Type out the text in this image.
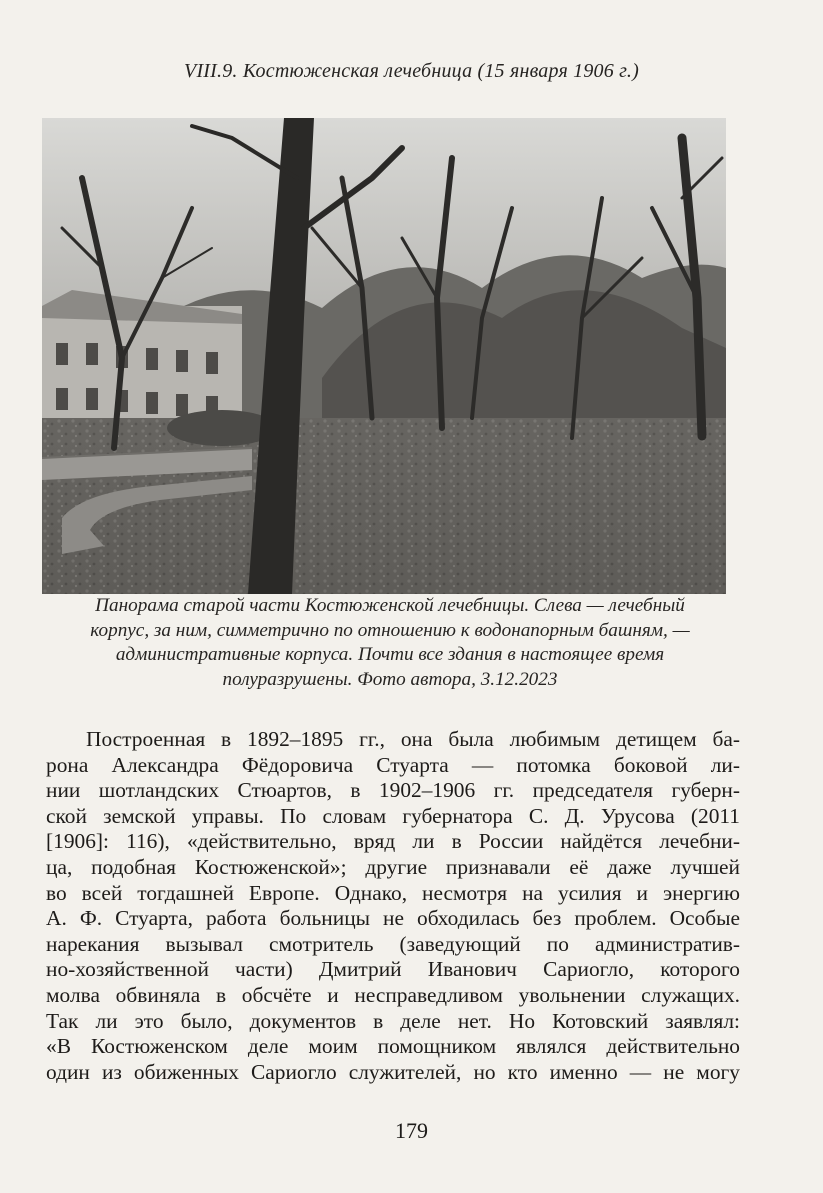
VIII.9. Костюженская лечебница (15 января 1906 г.)
Панорама старой части Костюженской лечебницы. Слева — лечебный
корпус, за ним, симметрично по отношению к водонапорным башням, —
административные корпуса. Почти все здания в настоящее время
полуразрушены. Фото автора, 3.12.2023
Построенная в 1892–1895 гг., она была любимым детищем ба-
рона Александра Фёдоровича Стуарта — потомка боковой ли-
нии шотландских Стюартов, в 1902–1906 гг. председателя губерн-
ской земской управы. По словам губернатора С. Д. Урусова (2011
[1906]: 116), «действительно, вряд ли в России найдётся лечебни-
ца, подобная Костюженской»; другие признавали её даже лучшей
во всей тогдашней Европе. Однако, несмотря на усилия и энергию
А. Ф. Стуарта, работа больницы не обходилась без проблем. Особые
нарекания вызывал смотритель (заведующий по административ-
но-хозяйственной части) Дмитрий Иванович Сариогло, которого
молва обвиняла в обсчёте и несправедливом увольнении служащих.
Так ли это было, документов в деле нет. Но Котовский заявлял:
«В Костюженском деле моим помощником являлся действительно
один из обиженных Сариогло служителей, но кто именно — не могу
179
